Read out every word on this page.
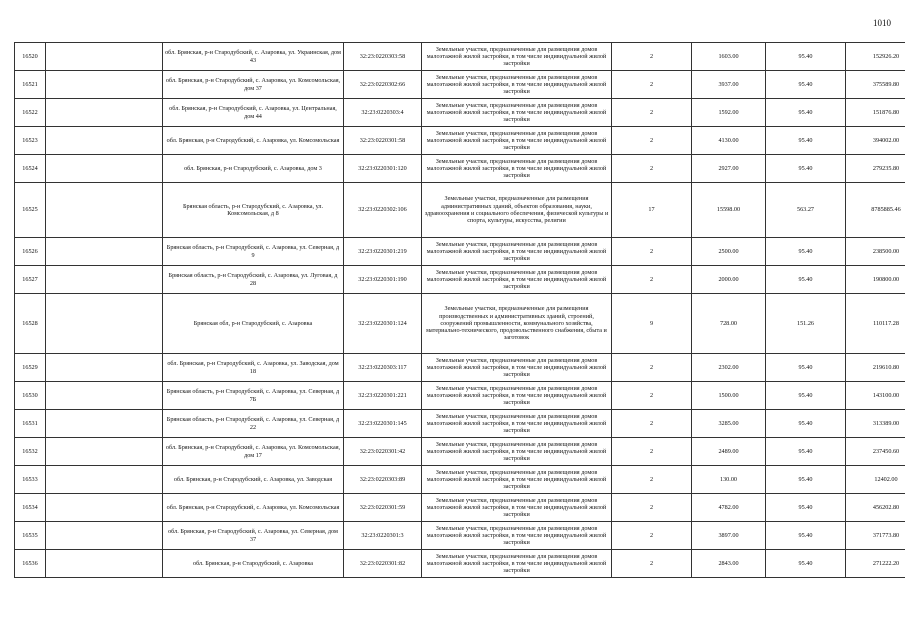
1010
16520		обл. Брянская, р-н Стародубский, с. Азаровка, ул. Украинская, дом 43	32:23:0220303:58	Земельные участки, предназначенные для размещения домов малоэтажной жилой застройки, в том числе индивидуальной жилой застройки	2	1603.00	95.40	152926.20
16521		обл. Брянская, р-н Стародубский, с. Азаровка, ул. Комсомольская, дом 37	32:23:0220302:66	Земельные участки, предназначенные для размещения домов малоэтажной жилой застройки, в том числе индивидуальной жилой застройки	2	3937.00	95.40	375589.80
16522		обл. Брянская, р-н Стародубский, с. Азаровка, ул. Центральная, дом 44	32:23:0220303:4	Земельные участки, предназначенные для размещения домов малоэтажной жилой застройки, в том числе индивидуальной жилой застройки	2	1592.00	95.40	151876.80
16523		обл. Брянская, р-н Стародубский, с. Азаровка, ул. Комсомольская	32:23:0220301:58	Земельные участки, предназначенные для размещения домов малоэтажной жилой застройки, в том числе индивидуальной жилой застройки	2	4130.00	95.40	394002.00
16524		обл. Брянская, р-н Стародубский, с. Азаровка, дом 3	32:23:0220301:120	Земельные участки, предназначенные для размещения домов малоэтажной жилой застройки, в том числе индивидуальной жилой застройки	2	2927.00	95.40	279235.80
16525		Брянская область, р-н Стародубский, с. Азаровка, ул. Комсомольская, д 8	32:23:0220302:106	Земельные участки, предназначенные для размещения административных зданий, объектов образования, науки, здравоохранения и социального обеспечения, физической культуры и спорта, культуры, искусства, религии	17	15598.00	563.27	8785885.46
16526		Брянская область, р-н Стародубский, с. Азаровка, ул. Северная, д 9	32:23:0220301:219	Земельные участки, предназначенные для размещения домов малоэтажной жилой застройки, в том числе индивидуальной жилой застройки	2	2500.00	95.40	238500.00
16527		Брянская область, р-н Стародубский, с. Азаровка, ул. Луговая, д 28	32:23:0220301:190	Земельные участки, предназначенные для размещения домов малоэтажной жилой застройки, в том числе индивидуальной жилой застройки	2	2000.00	95.40	190800.00
16528		Брянская обл, р-н Стародубский, с. Азаровка	32:23:0220301:124	Земельные участки, предназначенные для размещения производственных и административных зданий, строений, сооружений промышленности, коммунального хозяйства, материально-технического, продовольственного снабжения, сбыта и заготовок	9	728.00	151.26	110117.28
16529		обл. Брянская, р-н Стародубский, с. Азаровка, ул. Заводская, дом 18	32:23:0220303:117	Земельные участки, предназначенные для размещения домов малоэтажной жилой застройки, в том числе индивидуальной жилой застройки	2	2302.00	95.40	219610.80
16530		Брянская область, р-н Стародубский, с. Азаровка, ул. Северная, д 7Б	32:23:0220301:221	Земельные участки, предназначенные для размещения домов малоэтажной жилой застройки, в том числе индивидуальной жилой застройки	2	1500.00	95.40	143100.00
16531		Брянская область, р-н Стародубский, с. Азаровка, ул. Северная, д 22	32:23:0220301:145	Земельные участки, предназначенные для размещения домов малоэтажной жилой застройки, в том числе индивидуальной жилой застройки	2	3285.00	95.40	313389.00
16532		обл. Брянская, р-н Стародубский, с. Азаровка, ул. Комсомольская, дом 17	32:23:0220301:42	Земельные участки, предназначенные для размещения домов малоэтажной жилой застройки, в том числе индивидуальной жилой застройки	2	2489.00	95.40	237450.60
16533		обл. Брянская, р-н Стародубский, с. Азаровка, ул. Заводская	32:23:0220303:89	Земельные участки, предназначенные для размещения домов малоэтажной жилой застройки, в том числе индивидуальной жилой застройки	2	130.00	95.40	12402.00
16534		обл. Брянская, р-н Стародубский, с. Азаровка, ул. Комсомольская	32:23:0220301:59	Земельные участки, предназначенные для размещения домов малоэтажной жилой застройки, в том числе индивидуальной жилой застройки	2	4782.00	95.40	456202.80
16535		обл. Брянская, р-н Стародубский, с. Азаровка, ул. Северная, дом 37	32:23:0220301:3	Земельные участки, предназначенные для размещения домов малоэтажной жилой застройки, в том числе индивидуальной жилой застройки	2	3897.00	95.40	371773.80
16536		обл. Брянская, р-н Стародубский, с. Азаровка	32:23:0220301:82	Земельные участки, предназначенные для размещения домов малоэтажной жилой застройки, в том числе индивидуальной жилой застройки	2	2843.00	95.40	271222.20
